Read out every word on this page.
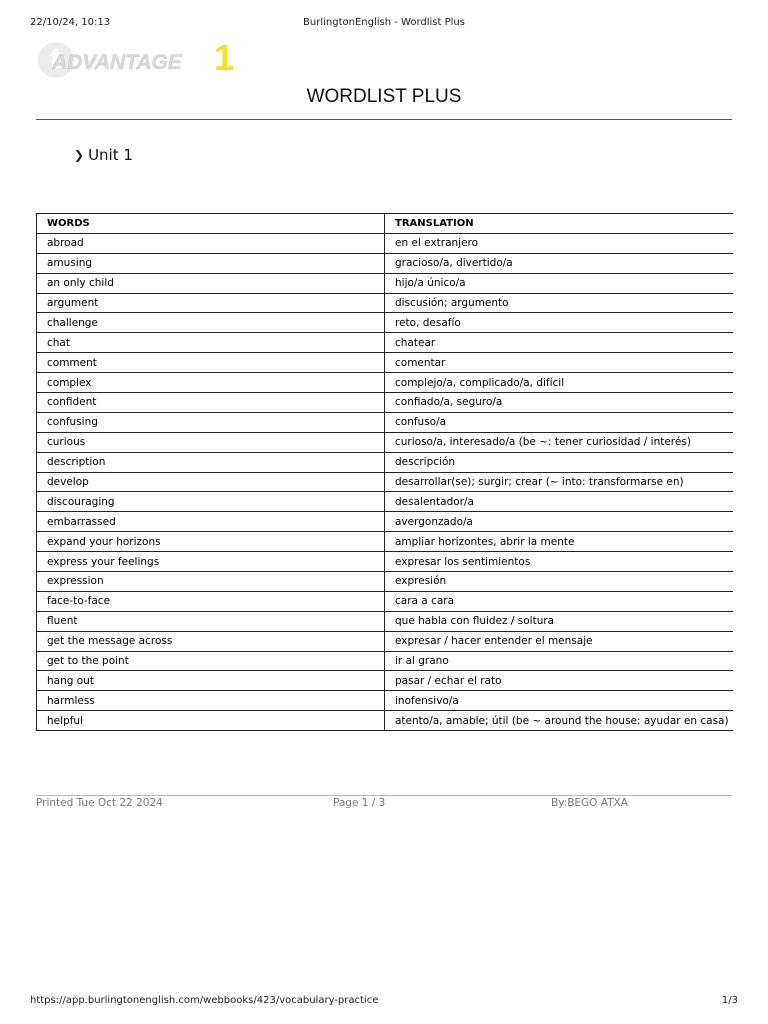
22/10/24, 10:13	BurlingtonEnglish - Wordlist Plus
ADVANTAGE 1
WORDLIST PLUS
❯ Unit 1
WORDS	TRANSLATION
abroad	en el extranjero
amusing	gracioso/a, divertido/a
an only child	hijo/a único/a
argument	discusión; argumento
challenge	reto, desafío
chat	chatear
comment	comentar
complex	complejo/a, complicado/a, difícil
confident	confiado/a, seguro/a
confusing	confuso/a
curious	curioso/a, interesado/a (be ~: tener curiosidad / interés)
description	descripción
develop	desarrollar(se); surgir; crear (~ into: transformarse en)
discouraging	desalentador/a
embarrassed	avergonzado/a
expand your horizons	ampliar horizontes, abrir la mente
express your feelings	expresar los sentimientos
expression	expresión
face-to-face	cara a cara
fluent	que habla con fluidez / soltura
get the message across	expresar / hacer entender el mensaje
get to the point	ir al grano
hang out	pasar / echar el rato
harmless	inofensivo/a
helpful	atento/a, amable; útil (be ~ around the house: ayudar en casa)
Printed Tue Oct 22 2024	Page 1 / 3	By:BEGO ATXA
https://app.burlingtonenglish.com/webbooks/423/vocabulary-practice	1/3
